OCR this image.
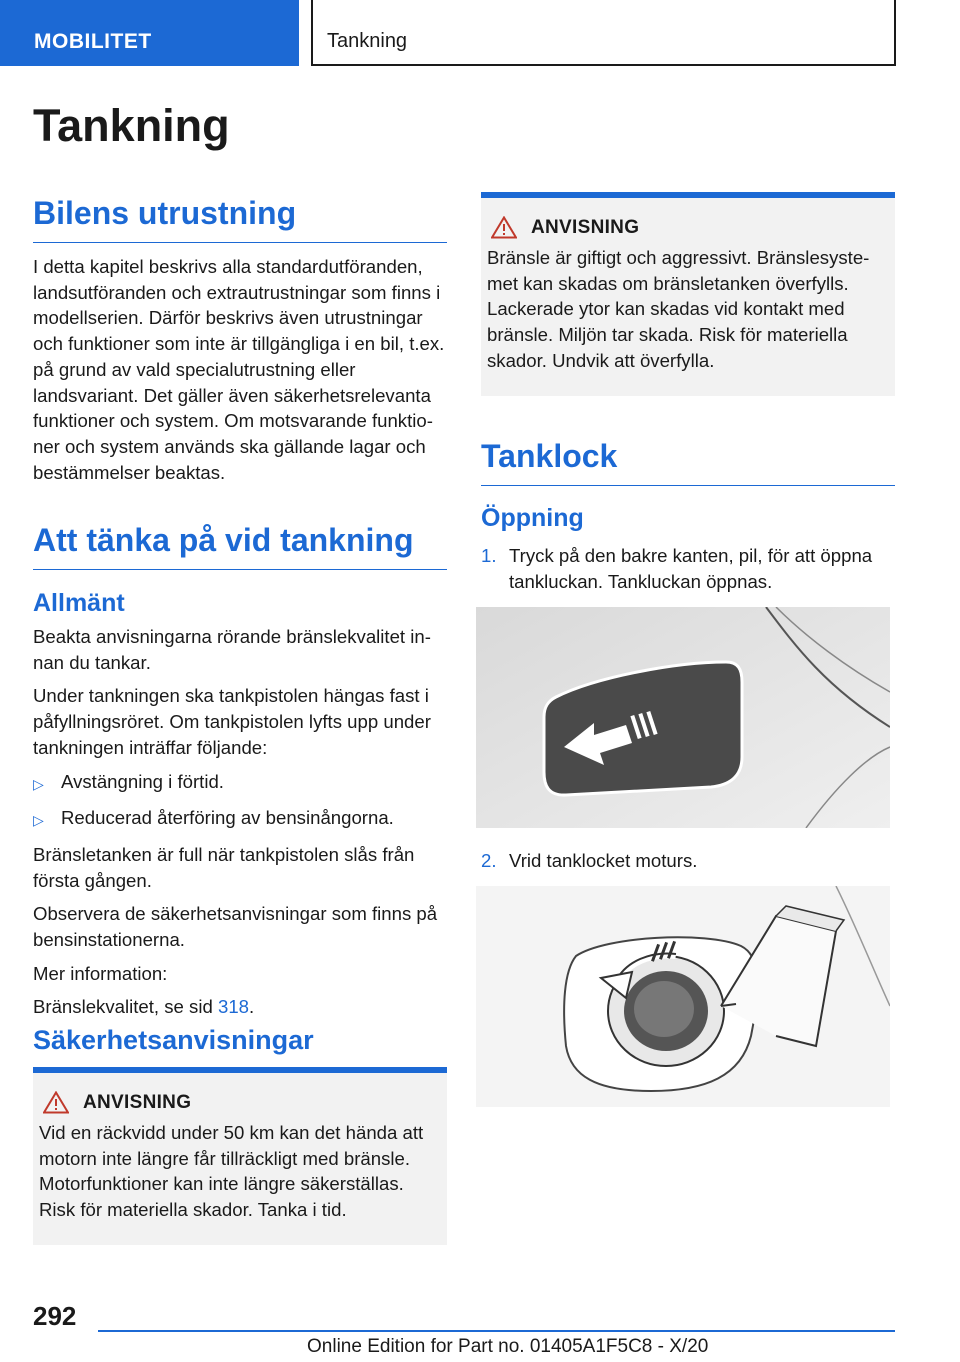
MOBILITET	Tankning
Tankning
Bilens utrustning
I detta kapitel beskrivs alla standardutföranden, landsutföranden och extrautrustningar som finns i modellserien. Därför beskrivs även utrustningar och funktioner som inte är tillgängliga i en bil, t.ex. på grund av vald specialutrustning eller landsvariant. Det gäller även säkerhetsrelevanta funktioner och system. Om motsvarande funktio-ner och system används ska gällande lagar och bestämmelser beaktas.
Att tänka på vid tankning
Allmänt
Beakta anvisningarna rörande bränslekvalitet in-nan du tankar.
Under tankningen ska tankpistolen hängas fast i påfyllningsröret. Om tankpistolen lyfts upp under tankningen inträffar följande:
▷ Avstängning i förtid.
▷ Reducerad återföring av bensinångorna.
Bränsletanken är full när tankpistolen slås från första gången.
Observera de säkerhetsanvisningar som finns på bensinstationerna.
Mer information:
Bränslekvalitet, se sid 318.
Säkerhetsanvisningar
ANVISNING
Vid en räckvidd under 50 km kan det hända att motorn inte längre får tillräckligt med bränsle. Motorfunktioner kan inte längre säkerställas. Risk för materiella skador. Tanka i tid.
ANVISNING
Bränsle är giftigt och aggressivt. Bränslesyste-met kan skadas om bränsletanken överfylls. Lackerade ytor kan skadas vid kontakt med bränsle. Miljön tar skada. Risk för materiella skador. Undvik att överfylla.
Tanklock
Öppning
1. Tryck på den bakre kanten, pil, för att öppna tankluckan. Tankluckan öppnas.
2. Vrid tanklocket moturs.
292
Online Edition for Part no. 01405A1F5C8 - X/20
